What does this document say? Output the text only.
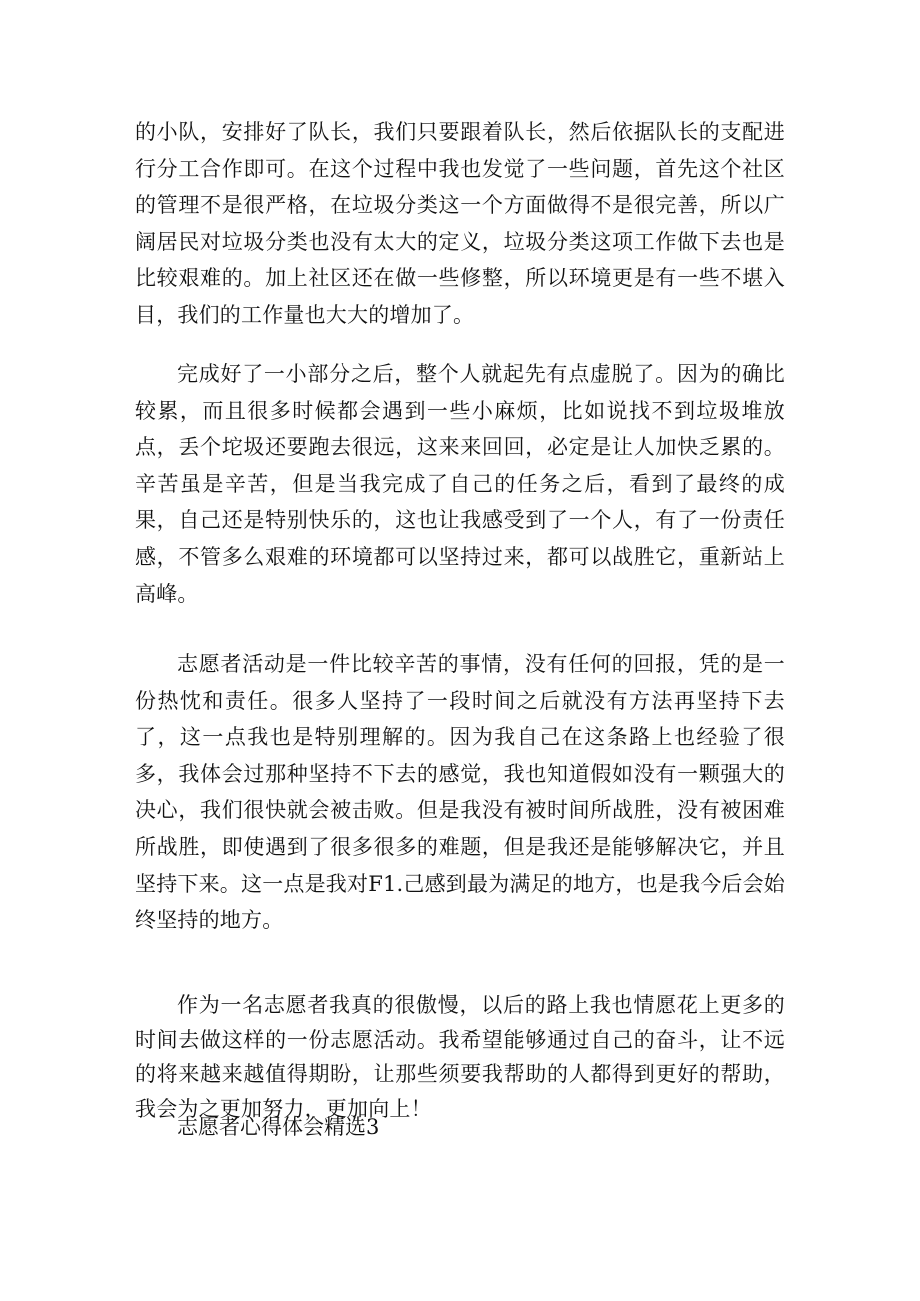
的小队，安排好了队长，我们只要跟着队长，然后依据队长的支配进行分工合作即可。在这个过程中我也发觉了一些问题，首先这个社区的管理不是很严格，在垃圾分类这一个方面做得不是很完善，所以广阔居民对垃圾分类也没有太大的定义，垃圾分类这项工作做下去也是比较艰难的。加上社区还在做一些修整，所以环境更是有一些不堪入目，我们的工作量也大大的增加了。

完成好了一小部分之后，整个人就起先有点虚脱了。因为的确比较累，而且很多时候都会遇到一些小麻烦，比如说找不到垃圾堆放点，丢个坨圾还要跑去很远，这来来回回，必定是让人加快乏累的。辛苦虽是辛苦，但是当我完成了自己的任务之后，看到了最终的成果，自己还是特别快乐的，这也让我感受到了一个人，有了一份责任感，不管多么艰难的环境都可以坚持过来，都可以战胜它，重新站上高峰。

志愿者活动是一件比较辛苦的事情，没有任何的回报，凭的是一份热忱和责任。很多人坚持了一段时间之后就没有方法再坚持下去了，这一点我也是特别理解的。因为我自己在这条路上也经验了很多，我体会过那种坚持不下去的感觉，我也知道假如没有一颗强大的决心，我们很快就会被击败。但是我没有被时间所战胜，没有被困难所战胜，即使遇到了很多很多的难题，但是我还是能够解决它，并且坚持下来。这一点是我对F1.己感到最为满足的地方，也是我今后会始终坚持的地方。

作为一名志愿者我真的很傲慢，以后的路上我也情愿花上更多的时间去做这样的一份志愿活动。我希望能够通过自己的奋斗，让不远的将来越来越值得期盼，让那些须要我帮助的人都得到更好的帮助，我会为之更加努力，更加向上！

志愿者心得体会精选3
